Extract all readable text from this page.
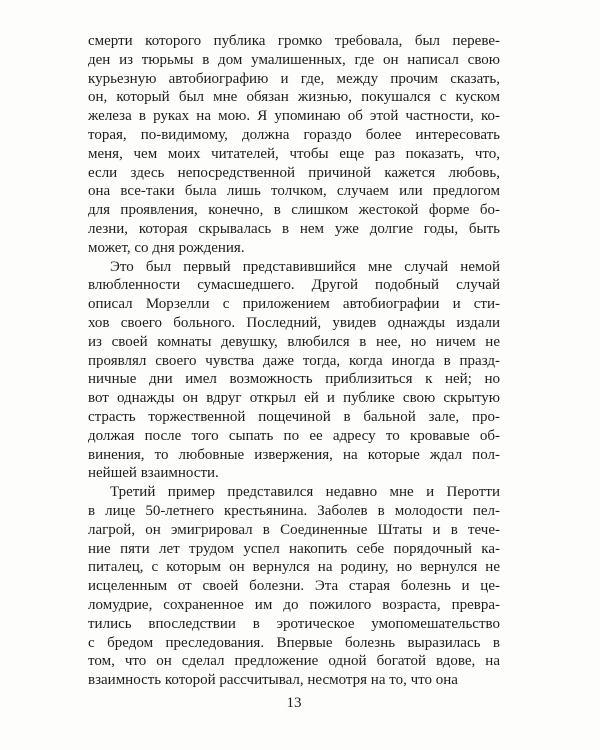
смерти которого публика громко требовала, был переве-
ден из тюрьмы в дом умалишенных, где он написал свою
курьезную автобиографию и где, между прочим сказать,
он, который был мне обязан жизнью, покушался с куском
железа в руках на мою. Я упоминаю об этой частности, ко-
торая, по-видимому, должна гораздо более интересовать
меня, чем моих читателей, чтобы еще раз показать, что,
если здесь непосредственной причиной кажется любовь,
она все-таки была лишь толчком, случаем или предлогом
для проявления, конечно, в слишком жестокой форме бо-
лезни, которая скрывалась в нем уже долгие годы, быть
может, со дня рождения.
Это был первый представившийся мне случай немой
влюбленности сумасшедшего. Другой подобный случай
описал Морзелли с приложением автобиографии и сти-
хов своего больного. Последний, увидев однажды издали
из своей комнаты девушку, влюбился в нее, но ничем не
проявлял своего чувства даже тогда, когда иногда в празд-
ничные дни имел возможность приблизиться к ней; но
вот однажды он вдруг открыл ей и публике свою скрытую
страсть торжественной пощечиной в бальной зале, про-
должая после того сыпать по ее адресу то кровавые об-
винения, то любовные извержения, на которые ждал пол-
нейшей взаимности.
Третий пример представился недавно мне и Перотти
в лице 50-летнего крестьянина. Заболев в молодости пел-
лагрой, он эмигрировал в Соединенные Штаты и в тече-
ние пяти лет трудом успел накопить себе порядочный ка-
питалец, с которым он вернулся на родину, но вернулся не
исцеленным от своей болезни. Эта старая болезнь и це-
ломудрие, сохраненное им до пожилого возраста, превра-
тились впоследствии в эротическое умопомешательство
с бредом преследования. Впервые болезнь выразилась в
том, что он сделал предложение одной богатой вдове, на
взаимность которой рассчитывал, несмотря на то, что она
13
